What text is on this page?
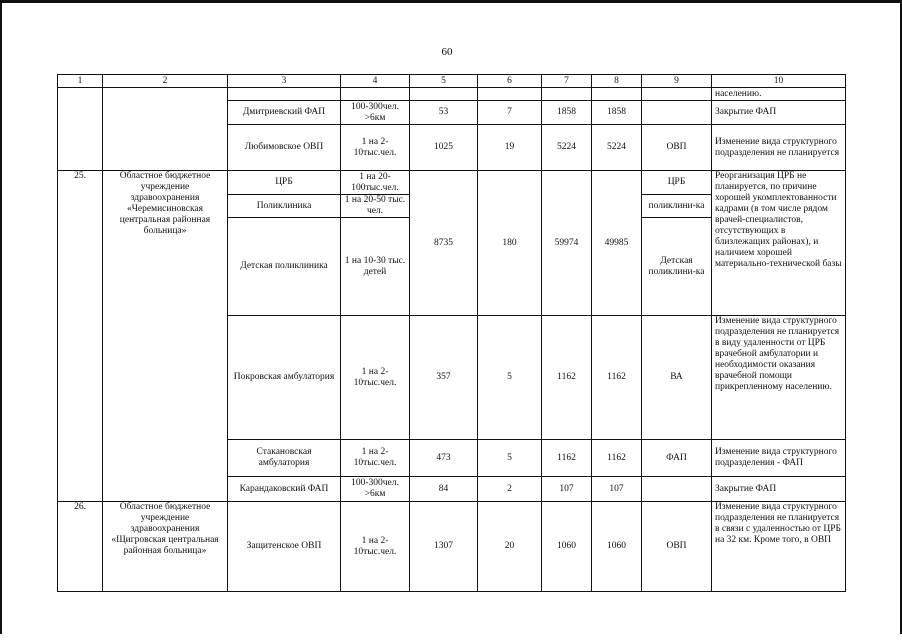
60
1	2	3	4	5	6	7	8	9	10
									населению.
		Дмитриевский ФАП	100-300чел. >6км	53	7	1858	1858		Закрытие ФАП
		Любимовское ОВП	1 на 2-10тыс.чел.	1025	19	5224	5224	ОВП	Изменение вида структурного подразделения не планируется
25.	Областное бюджетное учреждение здравоохранения «Черемисиновская центральная районная больница»	ЦРБ	1 на 20-100тыс.чел.	8735	180	59974	49985	ЦРБ	Реорганизация ЦРБ не планируется, по причине хорошей укомплектованности кадрами (в том числе рядом врачей-специалистов, отсутствующих в близлежащих районах), и наличием хорошей материально-технической базы
		Поликлиника	1 на 20-50 тыс. чел.					поликлини-ка	
		Детская поликлиника	1 на 10-30 тыс. детей					Детская поликлини-ка	
		Покровская амбулатория	1 на 2-10тыс.чел.	357	5	1162	1162	ВА	Изменение вида структурного подразделения не планируется в виду удаленности от ЦРБ врачебной амбулатории и необходимости оказания врачебной помощи прикрепленному населению.
		Стакановская амбулатория	1 на 2-10тыс.чел.	473	5	1162	1162	ФАП	Изменение вида структурного подразделения - ФАП
		Карандаковский ФАП	100-300чел. >6км	84	2	107	107		Закрытие ФАП
26.	Областное бюджетное учреждение здравоохранения «Щигровская центральная районная больница»	Защитенское ОВП	1 на 2-10тыс.чел.	1307	20	1060	1060	ОВП	Изменение вида структурного подразделения не планируется в связи с удаленностью от ЦРБ на 32 км. Кроме того, в ОВП
